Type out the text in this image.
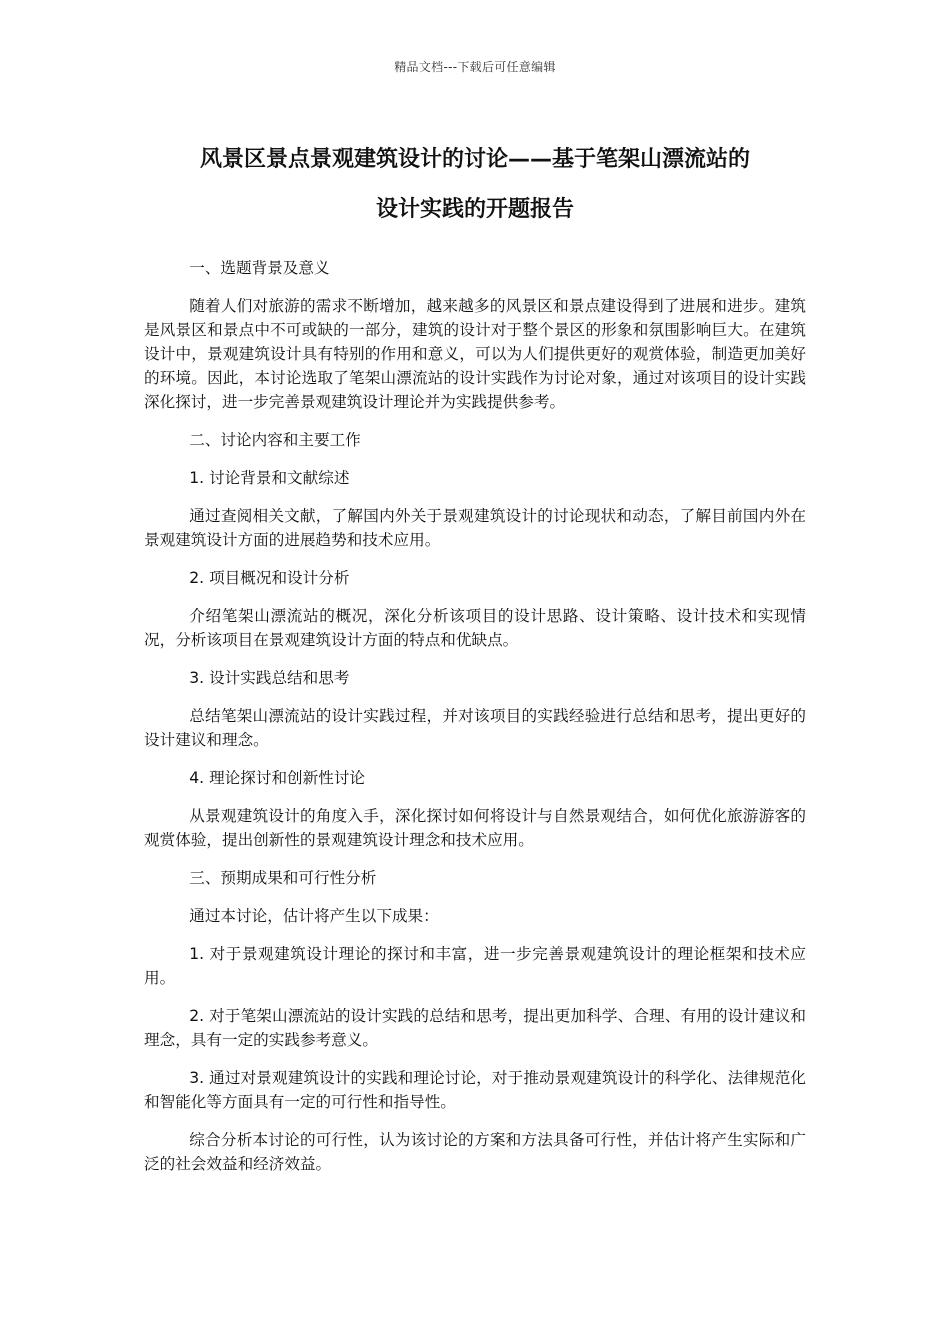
精品文档---下载后可任意编辑
风景区景点景观建筑设计的讨论——基于笔架山漂流站的
设计实践的开题报告

一、选题背景及意义

随着人们对旅游的需求不断增加，越来越多的风景区和景点建设得到了进展和进步。建筑是风景区和景点中不可或缺的一部分，建筑的设计对于整个景区的形象和氛围影响巨大。在建筑设计中，景观建筑设计具有特别的作用和意义，可以为人们提供更好的观赏体验，制造更加美好的环境。因此，本讨论选取了笔架山漂流站的设计实践作为讨论对象，通过对该项目的设计实践深化探讨，进一步完善景观建筑设计理论并为实践提供参考。

二、讨论内容和主要工作

1. 讨论背景和文献综述

通过查阅相关文献，了解国内外关于景观建筑设计的讨论现状和动态，了解目前国内外在景观建筑设计方面的进展趋势和技术应用。

2. 项目概况和设计分析

介绍笔架山漂流站的概况，深化分析该项目的设计思路、设计策略、设计技术和实现情况，分析该项目在景观建筑设计方面的特点和优缺点。

3. 设计实践总结和思考

总结笔架山漂流站的设计实践过程，并对该项目的实践经验进行总结和思考，提出更好的设计建议和理念。

4. 理论探讨和创新性讨论

从景观建筑设计的角度入手，深化探讨如何将设计与自然景观结合，如何优化旅游游客的观赏体验，提出创新性的景观建筑设计理念和技术应用。

三、预期成果和可行性分析

通过本讨论，估计将产生以下成果：

1. 对于景观建筑设计理论的探讨和丰富，进一步完善景观建筑设计的理论框架和技术应用。

2. 对于笔架山漂流站的设计实践的总结和思考，提出更加科学、合理、有用的设计建议和理念，具有一定的实践参考意义。

3. 通过对景观建筑设计的实践和理论讨论，对于推动景观建筑设计的科学化、法律规范化和智能化等方面具有一定的可行性和指导性。

综合分析本讨论的可行性，认为该讨论的方案和方法具备可行性，并估计将产生实际和广泛的社会效益和经济效益。
